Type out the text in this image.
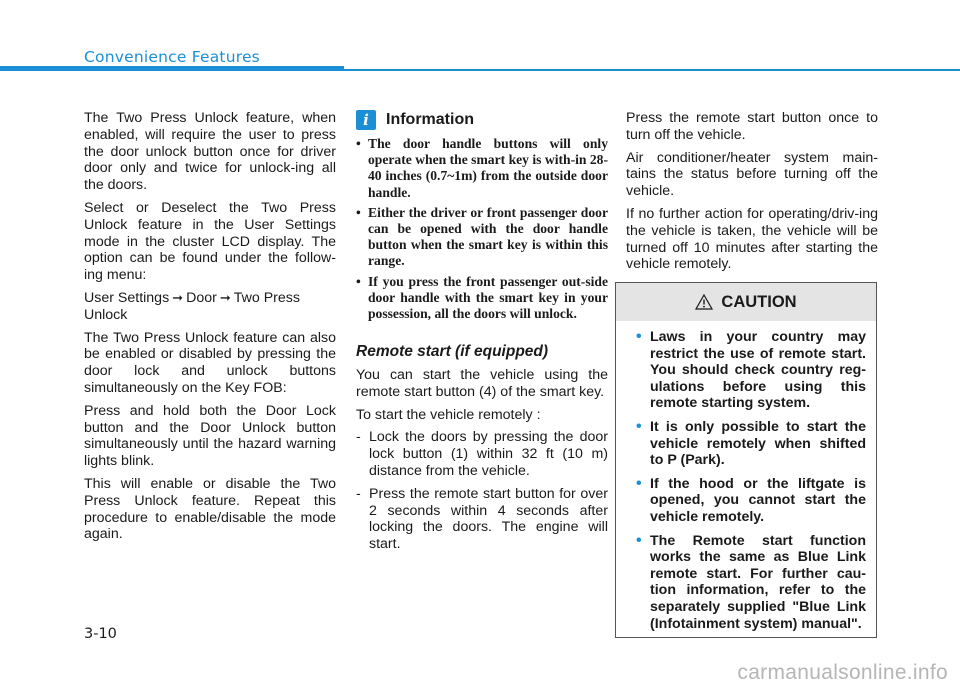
Convenience Features

The Two Press Unlock feature, when enabled, will require the user to press the door unlock button once for driver door only and twice for unlock-ing all the doors.

Select or Deselect the Two Press Unlock feature in the User Settings mode in the cluster LCD display. The option can be found under the follow-ing menu:

User Settings ➞ Door ➞ Two Press Unlock

The Two Press Unlock feature can also be enabled or disabled by pressing the door lock and unlock buttons simultaneously on the Key FOB:

Press and hold both the Door Lock button and the Door Unlock button simultaneously until the hazard warning lights blink.

This will enable or disable the Two Press Unlock feature. Repeat this procedure to enable/disable the mode again.

i	Information
• The door handle buttons will only operate when the smart key is with-in 28-40 inches (0.7~1m) from the outside door handle.
• Either the driver or front passenger door can be opened with the door handle button when the smart key is within this range.
• If you press the front passenger out-side door handle with the smart key in your possession, all the doors will unlock.
Remote start (if equipped)

You can start the vehicle using the remote start button (4) of the smart key.

To start the vehicle remotely :

- Lock the doors by pressing the door lock button (1) within 32 ft (10 m) distance from the vehicle.
- Press the remote start button for over 2 seconds within 4 seconds after locking the doors. The engine will start.

Press the remote start button once to turn off the vehicle.

Air conditioner/heater system main-tains the status before turning off the vehicle.

If no further action for operating/driv-ing the vehicle is taken, the vehicle will be turned off 10 minutes after starting the vehicle remotely.

CAUTION
• Laws in your country may restrict the use of remote start. You should check country reg-ulations before using this remote starting system.
• It is only possible to start the vehicle remotely when shifted to P (Park).
• If the hood or the liftgate is opened, you cannot start the vehicle remotely.
• The Remote start function works the same as Blue Link remote start. For further cau-tion information, refer to the separately supplied "Blue Link (Infotainment system) manual".
3-10
carmanualsonline.info
